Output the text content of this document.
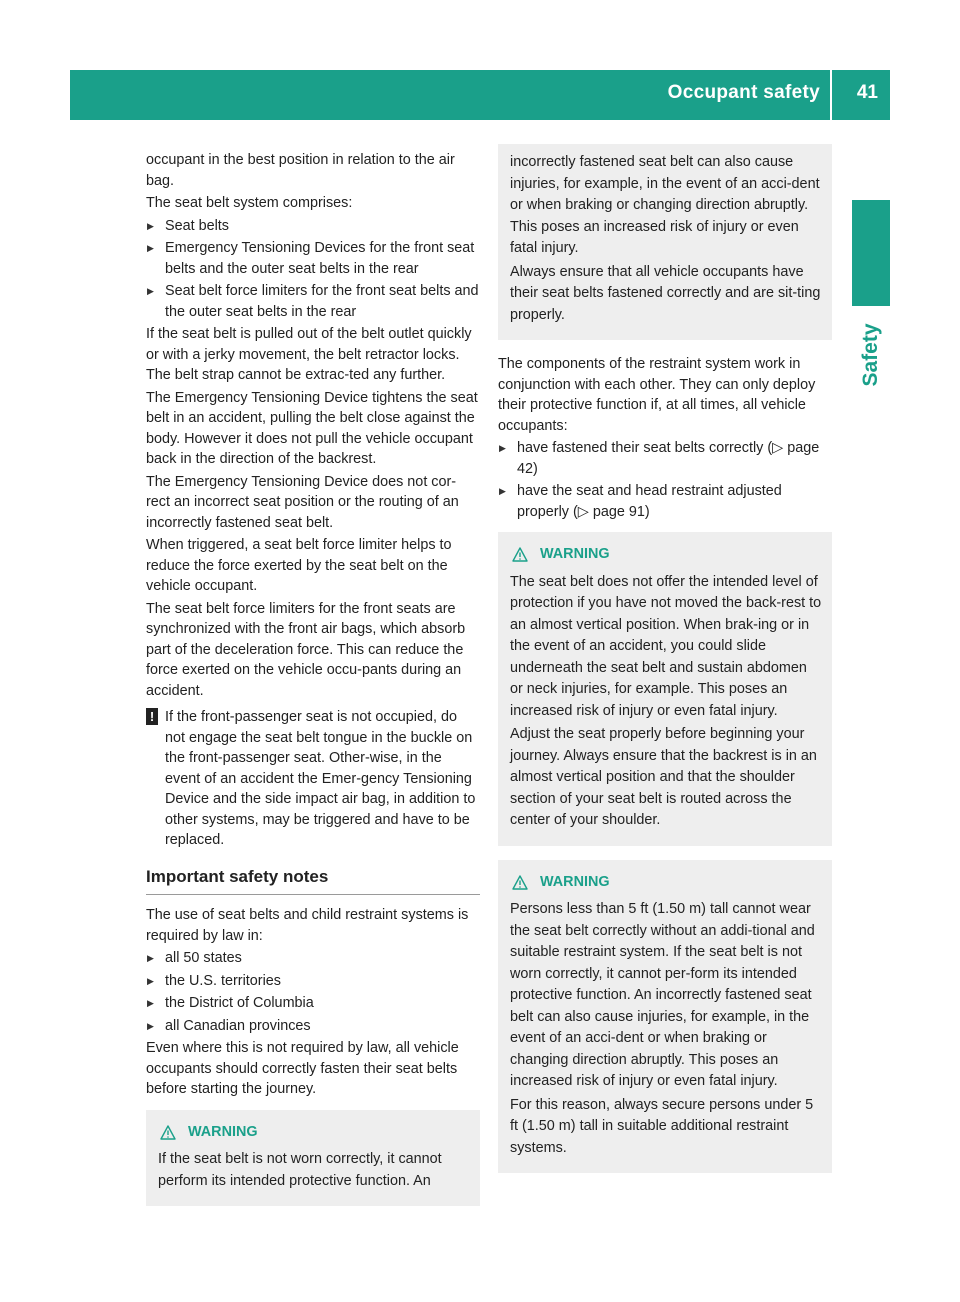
Occupant safety 41
Safety

occupant in the best position in relation to the air bag.

The seat belt system comprises:

▶ Seat belts
▶ Emergency Tensioning Devices for the front seat belts and the outer seat belts in the rear
▶ Seat belt force limiters for the front seat belts and the outer seat belts in the rear

If the seat belt is pulled out of the belt outlet quickly or with a jerky movement, the belt retractor locks. The belt strap cannot be extrac-ted any further.

The Emergency Tensioning Device tightens the seat belt in an accident, pulling the belt close against the body. However it does not pull the vehicle occupant back in the direction of the backrest.

The Emergency Tensioning Device does not cor-rect an incorrect seat position or the routing of an incorrectly fastened seat belt.

When triggered, a seat belt force limiter helps to reduce the force exerted by the seat belt on the vehicle occupant.

The seat belt force limiters for the front seats are synchronized with the front air bags, which absorb part of the deceleration force. This can reduce the force exerted on the vehicle occu-pants during an accident.

! If the front-passenger seat is not occupied, do not engage the seat belt tongue in the buckle on the front-passenger seat. Other-wise, in the event of an accident the Emer-gency Tensioning Device and the side impact air bag, in addition to other systems, may be triggered and have to be replaced.
Important safety notes

The use of seat belts and child restraint systems is required by law in:

▶ all 50 states
▶ the U.S. territories
▶ the District of Columbia
▶ all Canadian provinces

Even where this is not required by law, all vehicle occupants should correctly fasten their seat belts before starting the journey.

WARNING

If the seat belt is not worn correctly, it cannot perform its intended protective function. An

incorrectly fastened seat belt can also cause injuries, for example, in the event of an acci-dent or when braking or changing direction abruptly. This poses an increased risk of injury or even fatal injury.

Always ensure that all vehicle occupants have their seat belts fastened correctly and are sit-ting properly.

The components of the restraint system work in conjunction with each other. They can only deploy their protective function if, at all times, all vehicle occupants:

▶ have fastened their seat belts correctly (▷ page 42)
▶ have the seat and head restraint adjusted properly (▷ page 91)
WARNING

The seat belt does not offer the intended level of protection if you have not moved the back-rest to an almost vertical position. When brak-ing or in the event of an accident, you could slide underneath the seat belt and sustain abdomen or neck injuries, for example. This poses an increased risk of injury or even fatal injury.

Adjust the seat properly before beginning your journey. Always ensure that the backrest is in an almost vertical position and that the shoulder section of your seat belt is routed across the center of your shoulder.

WARNING

Persons less than 5 ft (1.50 m) tall cannot wear the seat belt correctly without an addi-tional and suitable restraint system. If the seat belt is not worn correctly, it cannot per-form its intended protective function. An incorrectly fastened seat belt can also cause injuries, for example, in the event of an acci-dent or when braking or changing direction abruptly. This poses an increased risk of injury or even fatal injury.

For this reason, always secure persons under 5 ft (1.50 m) tall in suitable additional restraint systems.
